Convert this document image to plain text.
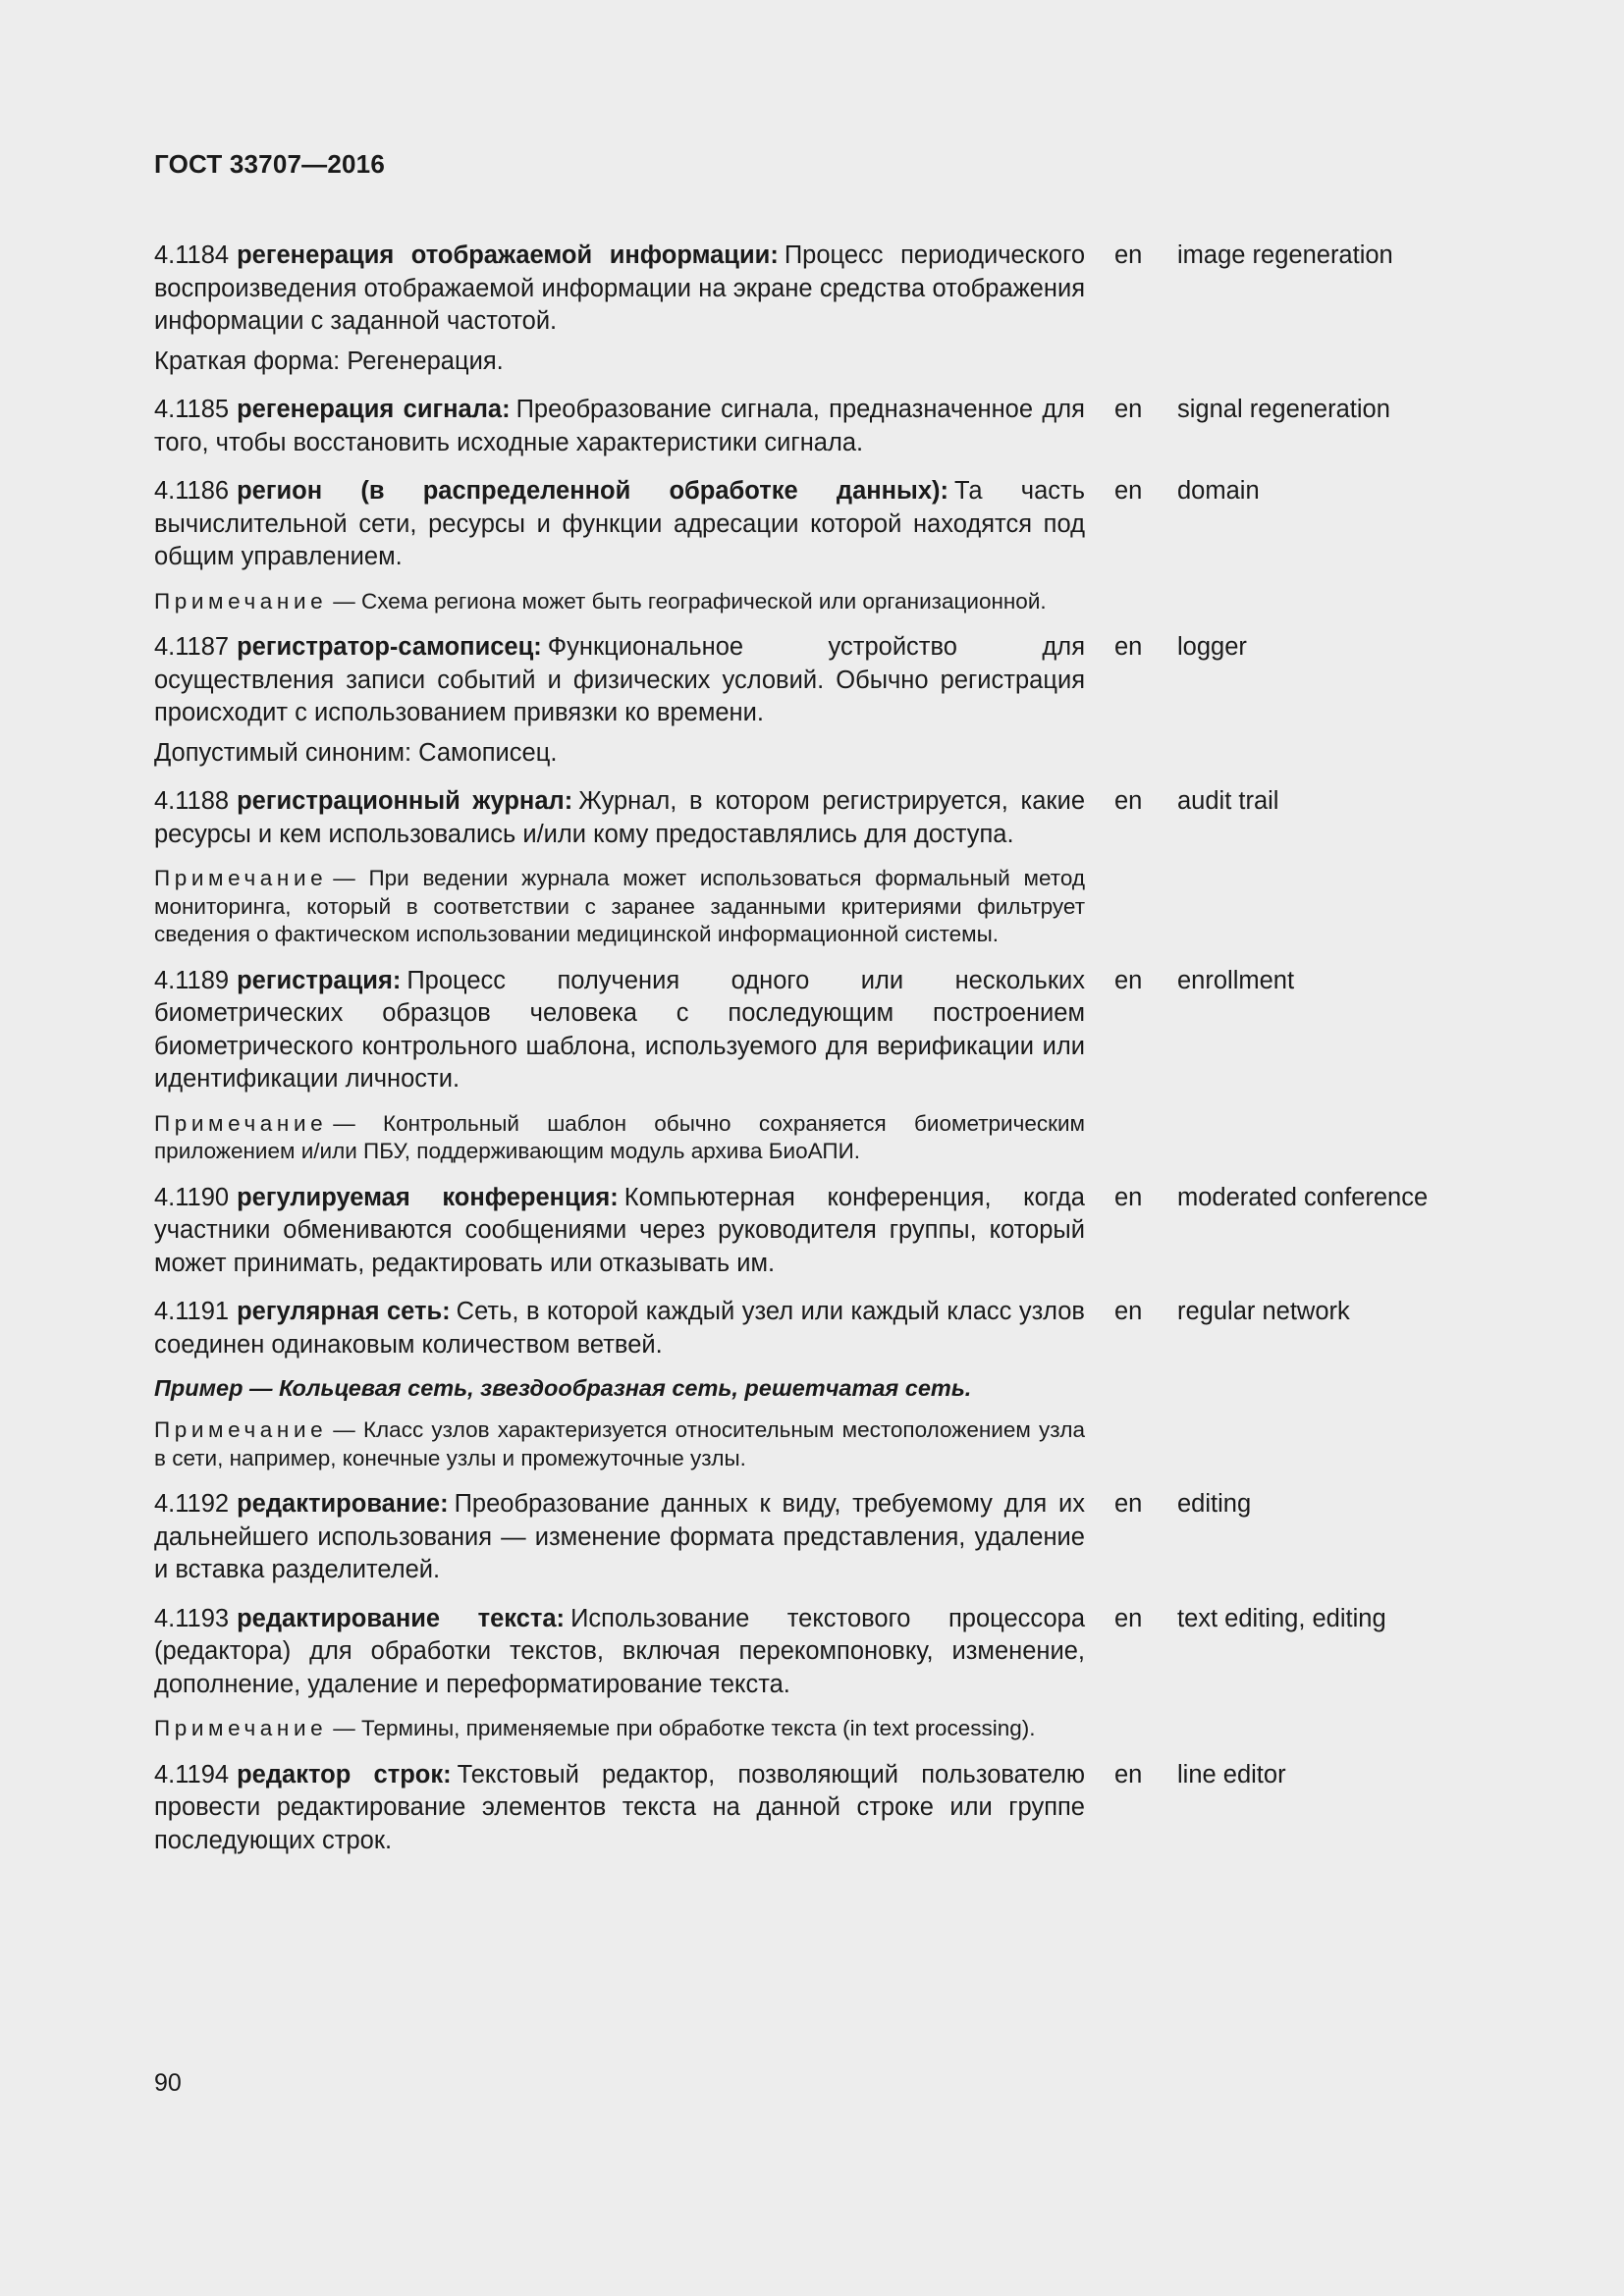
ГОСТ 33707—2016

4.1184 регенерация отображаемой информации: Процесс периодического воспроизведения отображаемой информации на экране средства отображения информации с заданной частотой.

Краткая форма: Регенерация.

en image regeneration

4.1185 регенерация сигнала: Преобразование сигнала, предназначенное для того, чтобы восстановить исходные характеристики сигнала.

en signal regeneration

4.1186 регион (в распределенной обработке данных): Та часть вычислительной сети, ресурсы и функции адресации которой находятся под общим управлением.

Примечание — Схема региона может быть географической или организационной.

en domain

4.1187 регистратор-самописец: Функциональное устройство для осуществления записи событий и физических условий. Обычно регистрация происходит с использованием привязки ко времени.

Допустимый синоним: Самописец.

en logger

4.1188 регистрационный журнал: Журнал, в котором регистрируется, какие ресурсы и кем использовались и/или кому предоставлялись для доступа.

Примечание — При ведении журнала может использоваться формальный метод мониторинга, который в соответствии с заранее заданными критериями фильтрует сведения о фактическом использовании медицинской информационной системы.

en audit trail

4.1189 регистрация: Процесс получения одного или нескольких биометрических образцов человека с последующим построением биометрического контрольного шаблона, используемого для верификации или идентификации личности.

Примечание — Контрольный шаблон обычно сохраняется биометрическим приложением и/или ПБУ, поддерживающим модуль архива БиоАПИ.

en enrollment

4.1190 регулируемая конференция: Компьютерная конференция, когда участники обмениваются сообщениями через руководителя группы, который может принимать, редактировать или отказывать им.

en moderated conference

4.1191 регулярная сеть: Сеть, в которой каждый узел или каждый класс узлов соединен одинаковым количеством ветвей.

Пример — Кольцевая сеть, звездообразная сеть, решетчатая сеть.

Примечание — Класс узлов характеризуется относительным местоположением узла в сети, например, конечные узлы и промежуточные узлы.

en regular network

4.1192 редактирование: Преобразование данных к виду, требуемому для их дальнейшего использования — изменение формата представления, удаление и вставка разделителей.

en editing

4.1193 редактирование текста: Использование текстового процессора (редактора) для обработки текстов, включая перекомпоновку, изменение, дополнение, удаление и переформатирование текста.

Примечание — Термины, применяемые при обработке текста (in text processing).

en text editing, editing

4.1194 редактор строк: Текстовый редактор, позволяющий пользователю провести редактирование элементов текста на данной строке или группе последующих строк.

en line editor
90
